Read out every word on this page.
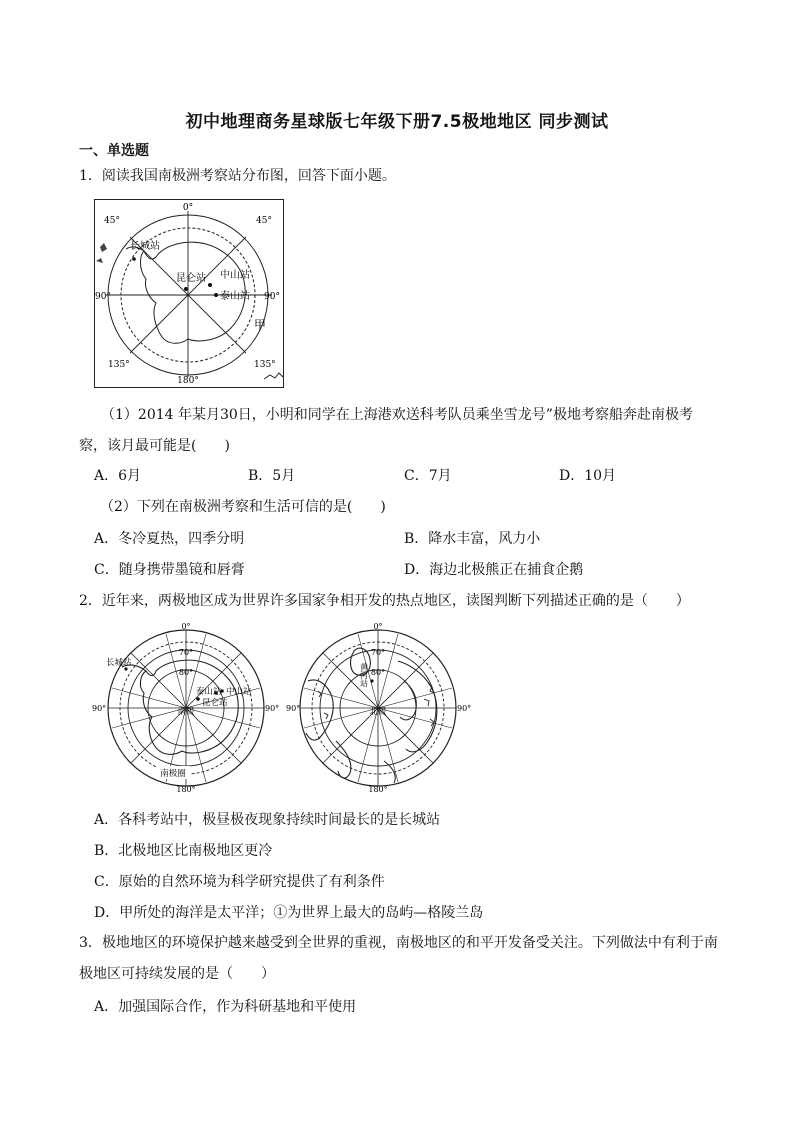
初中地理商务星球版七年级下册7.5极地地区 同步测试
一、单选题
1．阅读我国南极洲考察站分布图，回答下面小题。
0°
45°	45°
90°	90°
135°	135°
180°
长城站
昆仑站 中山站
泰山站
甲
（1）2014 年某月30日，小明和同学在上海港欢送科考队员乘坐雪龙号”极地考察船奔赴南极考察，该月最可能是(　　)
A．6月	B．5月	C．7月	D．10月
（2）下列在南极洲考察和生活可信的是(　　)
A．冬冷夏热，四季分明	B．降水丰富，风力小
C．随身携带墨镜和唇膏	D．海边北极熊正在捕食企鹅
2．近年来，两极地区成为世界许多国家争相开发的热点地区，读图判断下列描述正确的是（　　）
0°
70°
80°
90°	90°
180°
长城站
泰山站 中山站
昆仑站
南极
南极圈
0°
70°
80°
90°	90°
180°
黄河站
北极
A．各科考站中，极昼极夜现象持续时间最长的是长城站
B．北极地区比南极地区更冷
C．原始的自然环境为科学研究提供了有利条件
D．甲所处的海洋是太平洋；①为世界上最大的岛屿—格陵兰岛
3．极地地区的环境保护越来越受到全世界的重视，南极地区的和平开发备受关注。下列做法中有利于南极地区可持续发展的是（　　）
A．加强国际合作，作为科研基地和平使用
